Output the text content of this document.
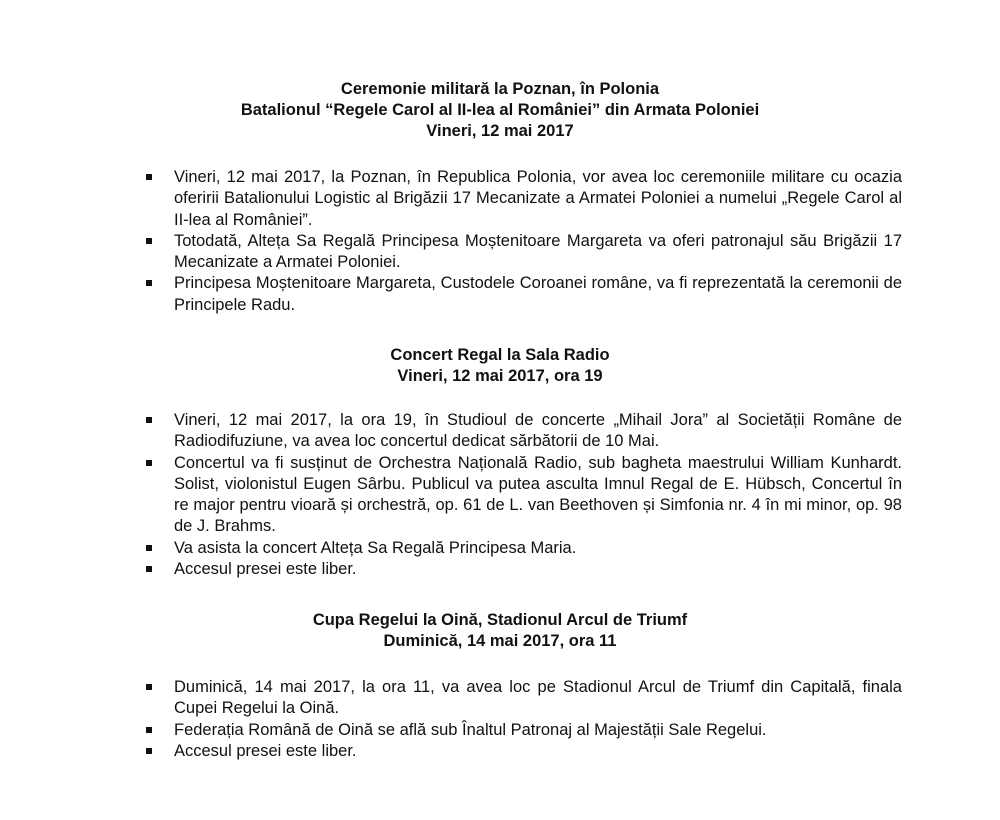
Ceremonie militară la Poznan, în Polonia

Batalionul “Regele Carol al II-lea al României” din Armata Poloniei

Vineri, 12 mai 2017

Vineri, 12 mai 2017, la Poznan, în Republica Polonia, vor avea loc ceremoniile militare cu ocazia oferirii Batalionului Logistic al Brigăzii 17 Mecanizate a Armatei Poloniei a numelui „Regele Carol al II-lea al României”.
Totodată, Alteța Sa Regală Principesa Moștenitoare Margareta va oferi patronajul său Brigăzii 17 Mecanizate a Armatei Poloniei.
Principesa Moștenitoare Margareta, Custodele Coroanei române, va fi reprezentată la ceremonii de Principele Radu.

Concert Regal la Sala Radio

Vineri, 12 mai 2017, ora 19

Vineri, 12 mai 2017, la ora 19, în Studioul de concerte „Mihail Jora” al Societății Române de Radiodifuziune, va avea loc concertul dedicat sărbătorii de 10 Mai.
Concertul va fi susținut de Orchestra Națională Radio, sub bagheta maestrului William Kunhardt. Solist, violonistul Eugen Sârbu. Publicul va putea asculta Imnul Regal de E. Hübsch, Concertul în re major pentru vioară și orchestră, op. 61 de L. van Beethoven și Simfonia nr. 4 în mi minor, op. 98 de J. Brahms.
Va asista la concert Alteța Sa Regală Principesa Maria.
Accesul presei este liber.

Cupa Regelui la Oină, Stadionul Arcul de Triumf

Duminică, 14 mai 2017, ora 11

Duminică, 14 mai 2017, la ora 11, va avea loc pe Stadionul Arcul de Triumf din Capitală, finala Cupei Regelui la Oină.
Federația Română de Oină se află sub Înaltul Patronaj al Majestății Sale Regelui.
Accesul presei este liber.
